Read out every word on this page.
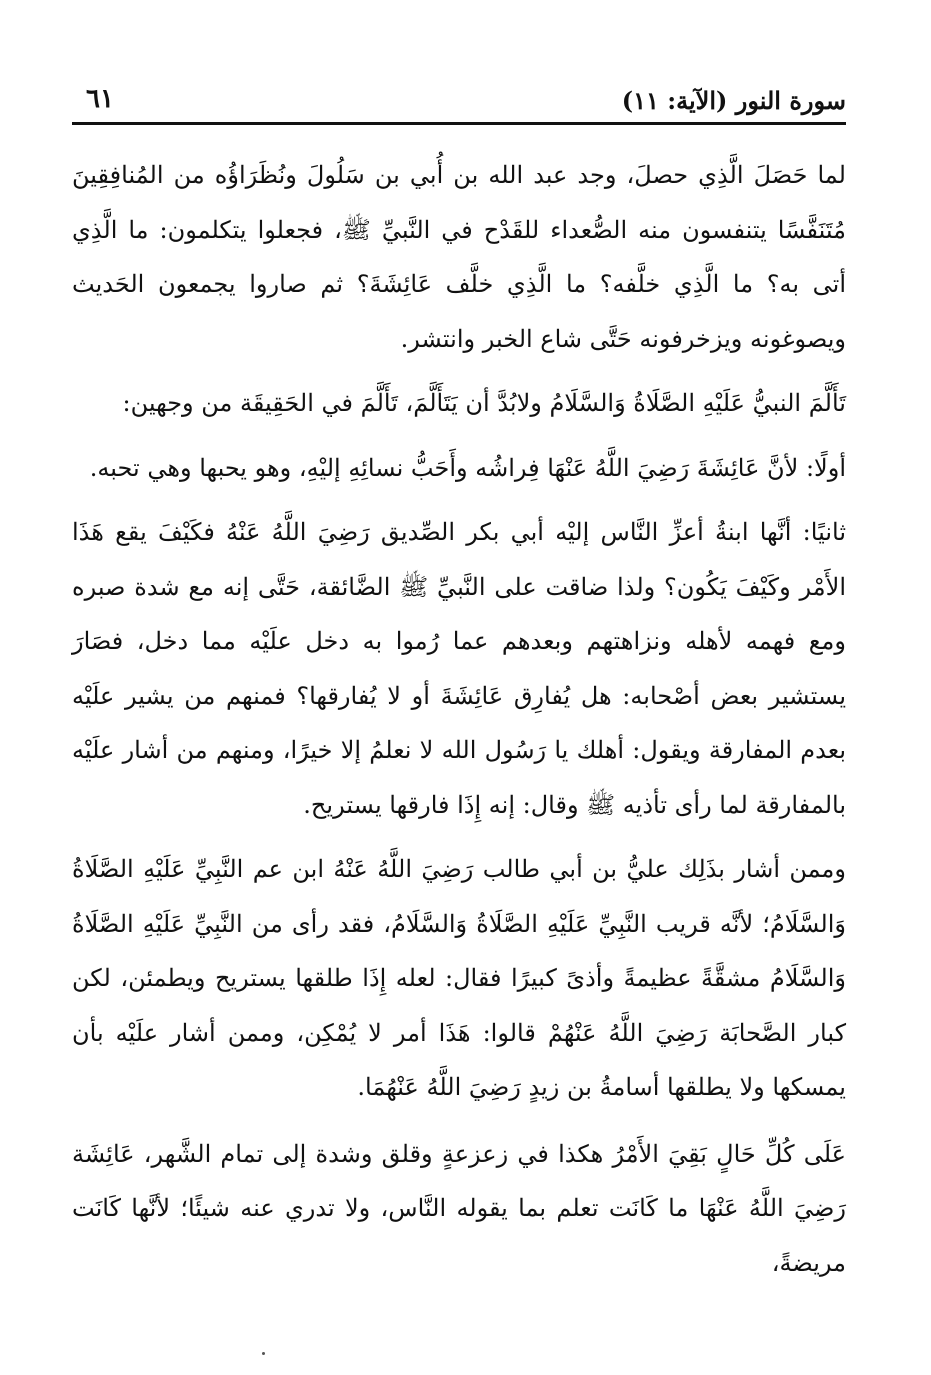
سورة النور (الآية: ١١)
٦١

لما حَصَلَ الَّذِي حصلَ، وجد عبد الله بن أُبي بن سَلُولَ ونُظَرَاؤُه من المُنافِقِينَ مُتَنَفَّسًا يتنفسون منه الصُّعداء للقَدْح في النَّبيِّ ﷺ، فجعلوا يتكلمون: ما الَّذِي أتى به؟ ما الَّذِي خلَّفه؟ ما الَّذِي خلَّف عَائِشَةَ؟ ثم صاروا يجمعون الحَديث ويصوغونه ويزخرفونه حَتَّى شاع الخبر وانتشر.

تَأَلَّمَ النبيُّ عَلَيْهِ الصَّلَاةُ وَالسَّلَامُ ولابُدَّ أن يَتَأَلَّمَ، تَأَلَّمَ في الحَقِيقَة من وجهين:

أولًا: لأنَّ عَائِشَةَ رَضِيَ اللَّهُ عَنْهَا فِراشُه وأَحَبُّ نسائِهِ إليْهِ، وهو يحبها وهي تحبه.

ثانيًا: أنَّها ابنةُ أعزِّ النَّاس إليْه أبي بكر الصِّديق رَضِيَ اللَّهُ عَنْهُ فكَيْفَ يقع هَذَا الأَمْر وكَيْفَ يَكُون؟ ولذا ضاقت على النَّبيِّ ﷺ الضَّائقة، حَتَّى إنه مع شدة صبره ومع فهمه لأهله ونزاهتهم وبعدهم عما رُموا به دخل علَيْه مما دخل، فصَارَ يستشير بعض أصْحابه: هل يُفارِق عَائِشَةَ أو لا يُفارقها؟ فمنهم من يشير علَيْه بعدم المفارقة ويقول: أهلك يا رَسُول الله لا نعلمُ إلا خيرًا، ومنهم من أشار علَيْه بالمفارقة لما رأى تأذيه ﷺ وقال: إنه إِذَا فارقها يستريح.

وممن أشار بذَلِك عليُّ بن أبي طالب رَضِيَ اللَّهُ عَنْهُ ابن عم النَّبِيِّ عَلَيْهِ الصَّلَاةُ وَالسَّلَامُ؛ لأنَّه قريب النَّبِيِّ عَلَيْهِ الصَّلَاةُ وَالسَّلَامُ، فقد رأى من النَّبِيِّ عَلَيْهِ الصَّلَاةُ وَالسَّلَامُ مشقَّةً عظيمةً وأذىً كبيرًا فقال: لعله إِذَا طلقها يستريح ويطمئن، لكن كبار الصَّحابَة رَضِيَ اللَّهُ عَنْهُمْ قالوا: هَذَا أمر لا يُمْكِن، وممن أشار علَيْه بأن يمسكها ولا يطلقها أسامةُ بن زيدٍ رَضِيَ اللَّهُ عَنْهُمَا.

عَلَى كُلِّ حَالٍ بَقِيَ الأَمْرُ هكذا في زعزعةٍ وقلق وشدة إلى تمام الشَّهر، عَائِشَة رَضِيَ اللَّهُ عَنْهَا ما كَانَت تعلم بما يقوله النَّاس، ولا تدري عنه شيئًا؛ لأنَّها كَانَت مريضةً،
